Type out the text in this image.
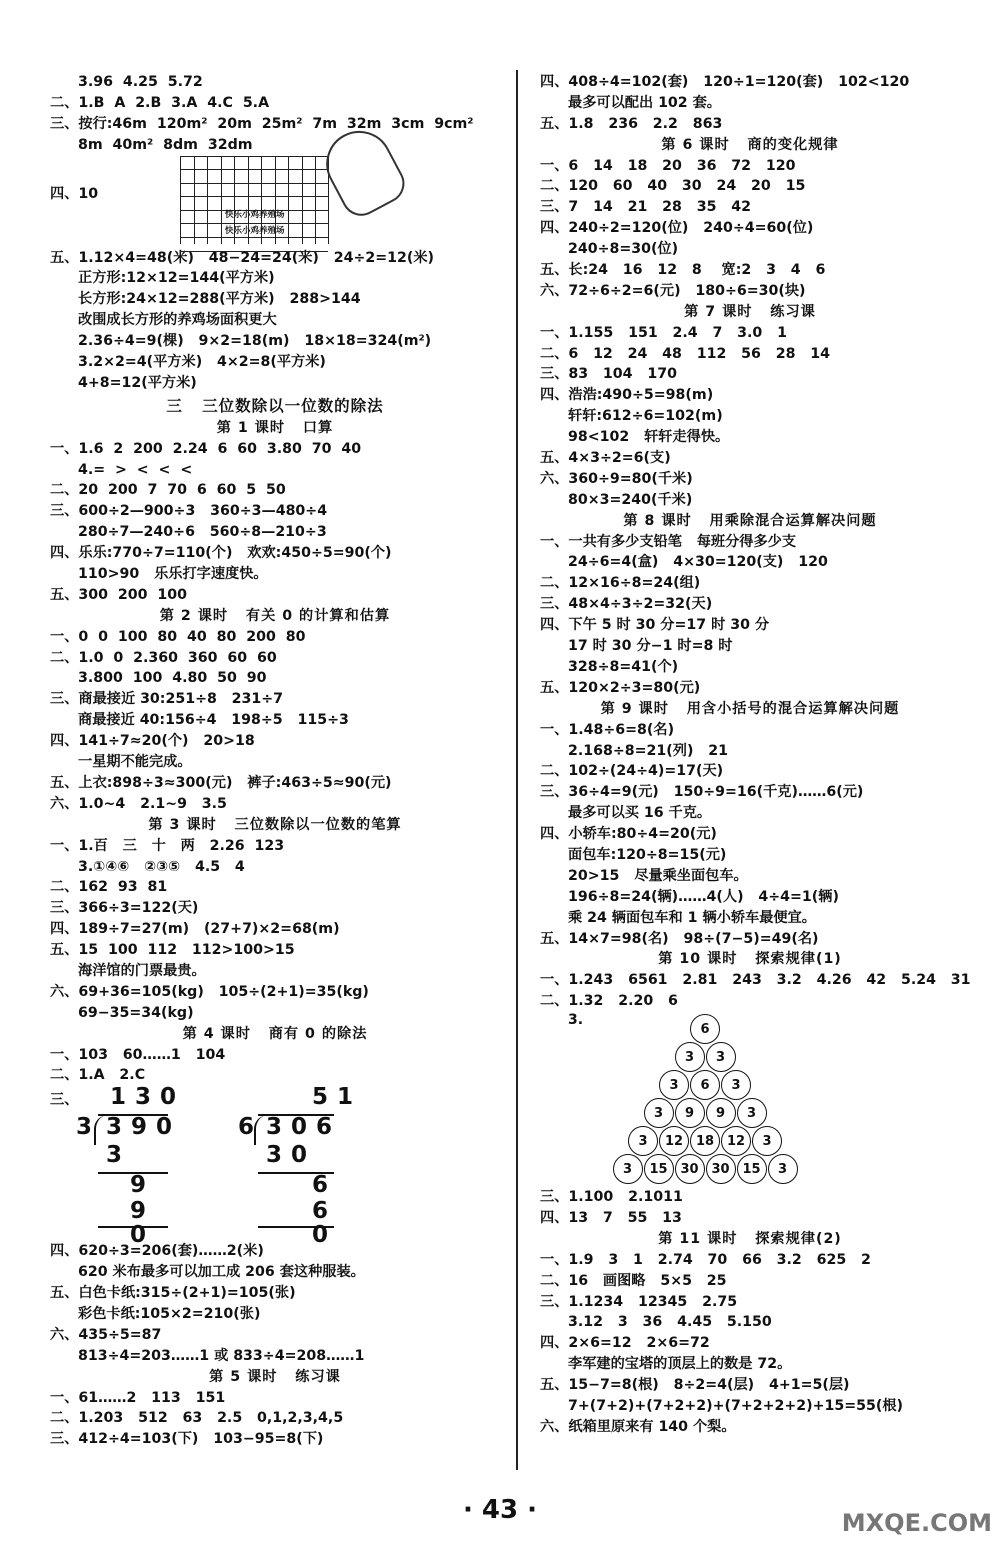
3.96  4.25  5.72
二、1.B  A  2.B  3.A  4.C  5.A
三、按行:46m  120m²  20m  25m²  7m  32m  3cm  9cm²
8m  40m²  8dm  32dm
四、10
快乐小鸡养殖场
快乐小鸡养殖场
五、1.12×4=48(米)   48−24=24(米)   24÷2=12(米)
正方形:12×12=144(平方米)
长方形:24×12=288(平方米)   288>144
改围成长方形的养鸡场面积更大
2.36÷4=9(棵)   9×2=18(m)   18×18=324(m²)
3.2×2=4(平方米)   4×2=8(平方米)
4+8=12(平方米)
三   三位数除以一位数的除法
第 1 课时   口算
一、1.6  2  200  2.24  6  60  3.80  70  40
4.=  >  <  <  <
二、20  200  7  70  6  60  5  50
三、600÷2—900÷3   360÷3—480÷4
280÷7—240÷6   560÷8—210÷3
四、乐乐:770÷7=110(个)   欢欢:450÷5=90(个)
110>90   乐乐打字速度快。
五、300  200  100
第 2 课时   有关 0 的计算和估算
一、0  0  100  80  40  80  200  80
二、1.0  0  2.360  360  60  60
3.800  100  4.80  50  90
三、商最接近 30:251÷8   231÷7
商最接近 40:156÷4   198÷5   115÷3
四、141÷7≈20(个)   20>18
一星期不能完成。
五、上衣:898÷3≈300(元)   裤子:463÷5≈90(元)
六、1.0~4   2.1~9   3.5
第 3 课时   三位数除以一位数的笔算
一、1.百   三   十   两   2.26  123
3.①④⑥   ②③⑤   4.5   4
二、162  93  81
三、366÷3=122(天)
四、189÷7=27(m)   (27+7)×2=68(m)
五、15  100  112   112>100>15
海洋馆的门票最贵。
六、69+36=105(kg)   105÷(2+1)=35(kg)
69−35=34(kg)
第 4 课时   商有 0 的除法
一、103   60……1   104
二、1.A   2.C
三、 130
3 390
3
9
9
0
51
6 306
30
6
6
0
四、620÷3=206(套)……2(米)
620 米布最多可以加工成 206 套这种服装。
五、白色卡纸:315÷(2+1)=105(张)
彩色卡纸:105×2=210(张)
六、435÷5=87
813÷4=203……1 或 833÷4=208……1
第 5 课时   练习课
一、61……2   113   151
二、1.203   512   63   2.5   0,1,2,3,4,5
三、412÷4=103(下)   103−95=8(下)
四、408÷4=102(套)   120÷1=120(套)   102<120
最多可以配出 102 套。
五、1.8   236   2.2   863
第 6 课时   商的变化规律
一、6   14   18   20   36   72   120
二、120   60   40   30   24   20   15
三、7   14   21   28   35   42
四、240÷2=120(位)   240÷4=60(位)
240÷8=30(位)
五、长:24   16   12   8    宽:2   3   4   6
六、72÷6÷2=6(元)   180÷6=30(块)
第 7 课时   练习课
一、1.155   151   2.4   7   3.0   1
二、6   12   24   48   112   56   28   14
三、83   104   170
四、浩浩:490÷5=98(m)
轩轩:612÷6=102(m)
98<102   轩轩走得快。
五、4×3÷2=6(支)
六、360÷9=80(千米)
80×3=240(千米)
第 8 课时   用乘除混合运算解决问题
一、一共有多少支铅笔   每班分得多少支
24÷6=4(盒)   4×30=120(支)   120
二、12×16÷8=24(组)
三、48×4÷3÷2=32(天)
四、下午 5 时 30 分=17 时 30 分
17 时 30 分−1 时=8 时
328÷8=41(个)
五、120×2÷3=80(元)
第 9 课时   用含小括号的混合运算解决问题
一、1.48÷6=8(名)
2.168÷8=21(列)   21
二、102÷(24÷4)=17(天)
三、36÷4=9(元)   150÷9=16(千克)……6(元)
最多可以买 16 千克。
四、小轿车:80÷4=20(元)
面包车:120÷8=15(元)
20>15   尽量乘坐面包车。
196÷8=24(辆)……4(人)   4÷4=1(辆)
乘 24 辆面包车和 1 辆小轿车最便宜。
五、14×7=98(名)   98÷(7−5)=49(名)
第 10 课时   探索规律(1)
一、1.243   6561   2.81   243   3.2   4.26   42   5.24   31
二、1.32   2.20   6
3.
6
3	3
3	6	3
3	9	9	3
3	12 18 12	3
3	15 30 30 15	3
三、1.100   2.1011
四、13   7   55   13
第 11 课时   探索规律(2)
一、1.9   3   1   2.74   70   66   3.2   625   2
二、16   画图略   5×5   25
三、1.1234   12345   2.75
3.12   3   36   4.45   5.150
四、2×6=12   2×6=72
李军建的宝塔的顶层上的数是 72。
五、15−7=8(根)   8÷2=4(层)   4+1=5(层)
7+(7+2)+(7+2+2)+(7+2+2+2)+15=55(根)
六、纸箱里原来有 140 个梨。
· 43 ·	MXQE.COM
